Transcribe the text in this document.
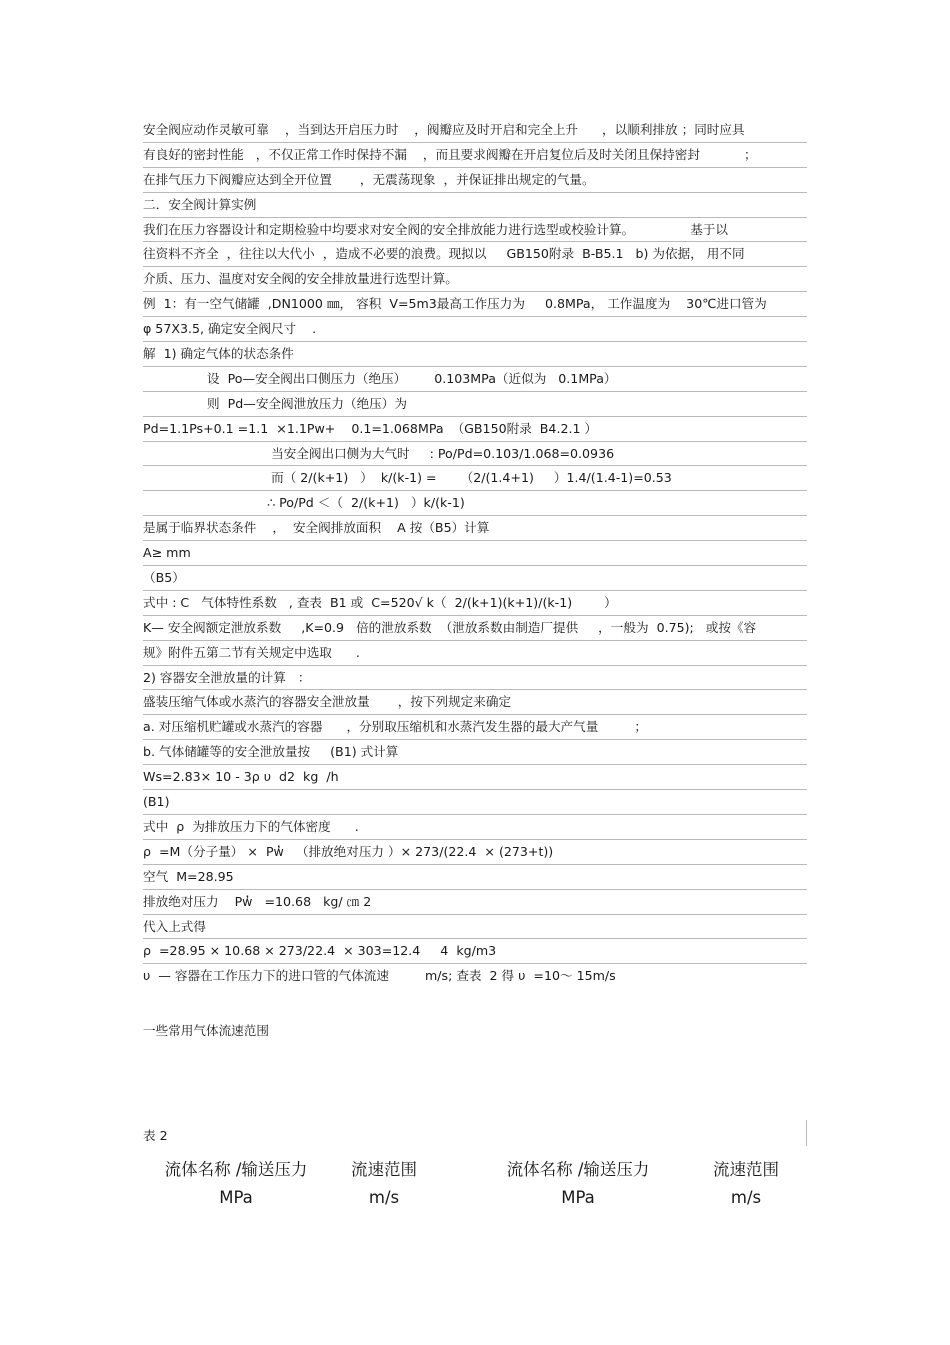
安全阀应动作灵敏可靠    ，当到达开启压力时    ，阀瓣应及时开启和完全上升      ，以顺利排放 ；同时应具
有良好的密封性能   ，不仅正常工作时保持不漏    ，而且要求阀瓣在开启复位后及时关闭且保持密封           ；
在排气压力下阀瓣应达到全开位置       ，无震荡现象  ，并保证排出规定的气量。
二．安全阀计算实例
我们在压力容器设计和定期检验中均要求对安全阀的安全排放能力进行选型或校验计算。              基于以
往资料不齐全  ，往往以大代小  ，造成不必要的浪费。现拟以     GB150附录  B-B5.1   b) 为依据， 用不同
介质、压力、温度对安全阀的安全排放量进行选型计算。
例  1：有一空气储罐  ,DN1000 ㎜， 容积  V=5m3最高工作压力为     0.8MPa， 工作温度为    30℃进口管为
φ 57X3.5, 确定安全阀尺寸    .
解  1) 确定气体的状态条件
设  Po—安全阀出口侧压力（绝压）       0.103MPa（近似为   0.1MPa）
则  Pd—安全阀泄放压力（绝压）为
Pd=1.1Ps+0.1 =1.1  ×1.1Pw+    0.1=1.068MPa  （GB150附录  B4.2.1 ）
当安全阀出口侧为大气时     : Po/Pd=0.103/1.068=0.0936
而（ 2/(k+1)   ）  k/(k-1) =      （2/(1.4+1)     ）1.4/(1.4-1)=0.53
∴ Po/Pd ＜（  2/(k+1)   ）k/(k-1)
是属于临界状态条件    ，  安全阀排放面积    A 按（B5）计算
A≥ mm
（B5）
式中 : C   气体特性系数   , 查表  B1 或  C=520√ k（  2/(k+1)(k+1)/(k-1)        ）
K— 安全阀额定泄放系数     ,K=0.9   倍的泄放系数  （泄放系数由制造厂提供     ，一般为  0.75);   或按《容
规》附件五第二节有关规定中选取      .
2) 容器安全泄放量的计算   ：
盛装压缩气体或水蒸汽的容器安全泄放量       ，按下列规定来确定
a. 对压缩机贮罐或水蒸汽的容器      ，分别取压缩机和水蒸汽发生器的最大产气量         ；
b. 气体储罐等的安全泄放量按     (B1) 式计算
Ws=2.83× 10 - 3ρ υ  d2  kg  /h
(B1)
式中  ρ  为排放压力下的气体密度      .
ρ  =M（分子量） ×  Pw̓   （排放绝对压力 ）× 273/(22.4  × (273+t))
空气  M=28.95
排放绝对压力    Pw̓   =10.68   kg/ ㎝ 2
代入上式得
ρ  =28.95 × 10.68 × 273/22.4  × 303=12.4     4  kg/m3
υ  — 容器在工作压力下的进口管的气体流速         m/s; 查表  2 得 υ  =10～ 15m/s
一些常用气体流速范围
表 2
流体名称 /输送压力
MPa
流速范围
m/s
流体名称 /输送压力
MPa
流速范围
m/s
